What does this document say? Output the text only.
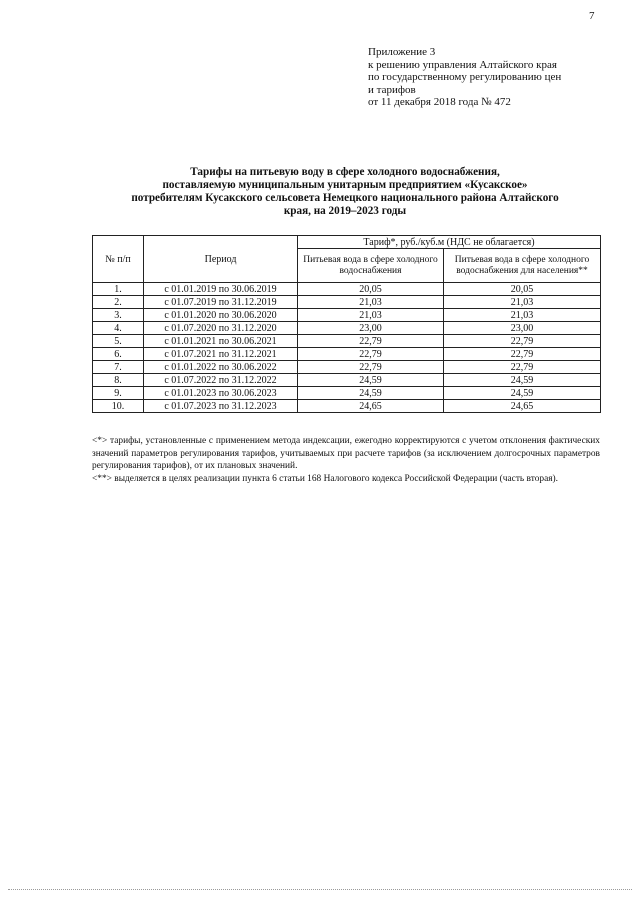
7
Приложение 3
к решению управления Алтайского края
по государственному регулированию цен
и тарифов
от 11 декабря 2018 года № 472
Тарифы на питьевую воду в сфере холодного водоснабжения,
поставляемую муниципальным унитарным предприятием «Кусакское»
потребителям Кусакского сельсовета Немецкого национального района Алтайского
края, на 2019–2023 годы
№ п/п	Период	Тариф*, руб./куб.м (НДС не облагается)	
		Питьевая вода в сфере холодного водоснабжения	Питьевая вода в сфере холодного водоснабжения для населения**
1.	с 01.01.2019 по 30.06.2019	20,05	20,05
2.	с 01.07.2019 по 31.12.2019	21,03	21,03
3.	с 01.01.2020 по 30.06.2020	21,03	21,03
4.	с 01.07.2020 по 31.12.2020	23,00	23,00
5.	с 01.01.2021 по 30.06.2021	22,79	22,79
6.	с 01.07.2021 по 31.12.2021	22,79	22,79
7.	с 01.01.2022 по 30.06.2022	22,79	22,79
8.	с 01.07.2022 по 31.12.2022	24,59	24,59
9.	с 01.01.2023 по 30.06.2023	24,59	24,59
10.	с 01.07.2023 по 31.12.2023	24,65	24,65

<*> тарифы, установленные с применением метода индексации, ежегодно корректируются с учетом отклонения фактических значений параметров регулирования тарифов, учитываемых при расчете тарифов (за исключением долгосрочных параметров регулирования тарифов), от их плановых значений.

<**> выделяется в целях реализации пункта 6 статьи 168 Налогового кодекса Российской Федерации (часть вторая).
